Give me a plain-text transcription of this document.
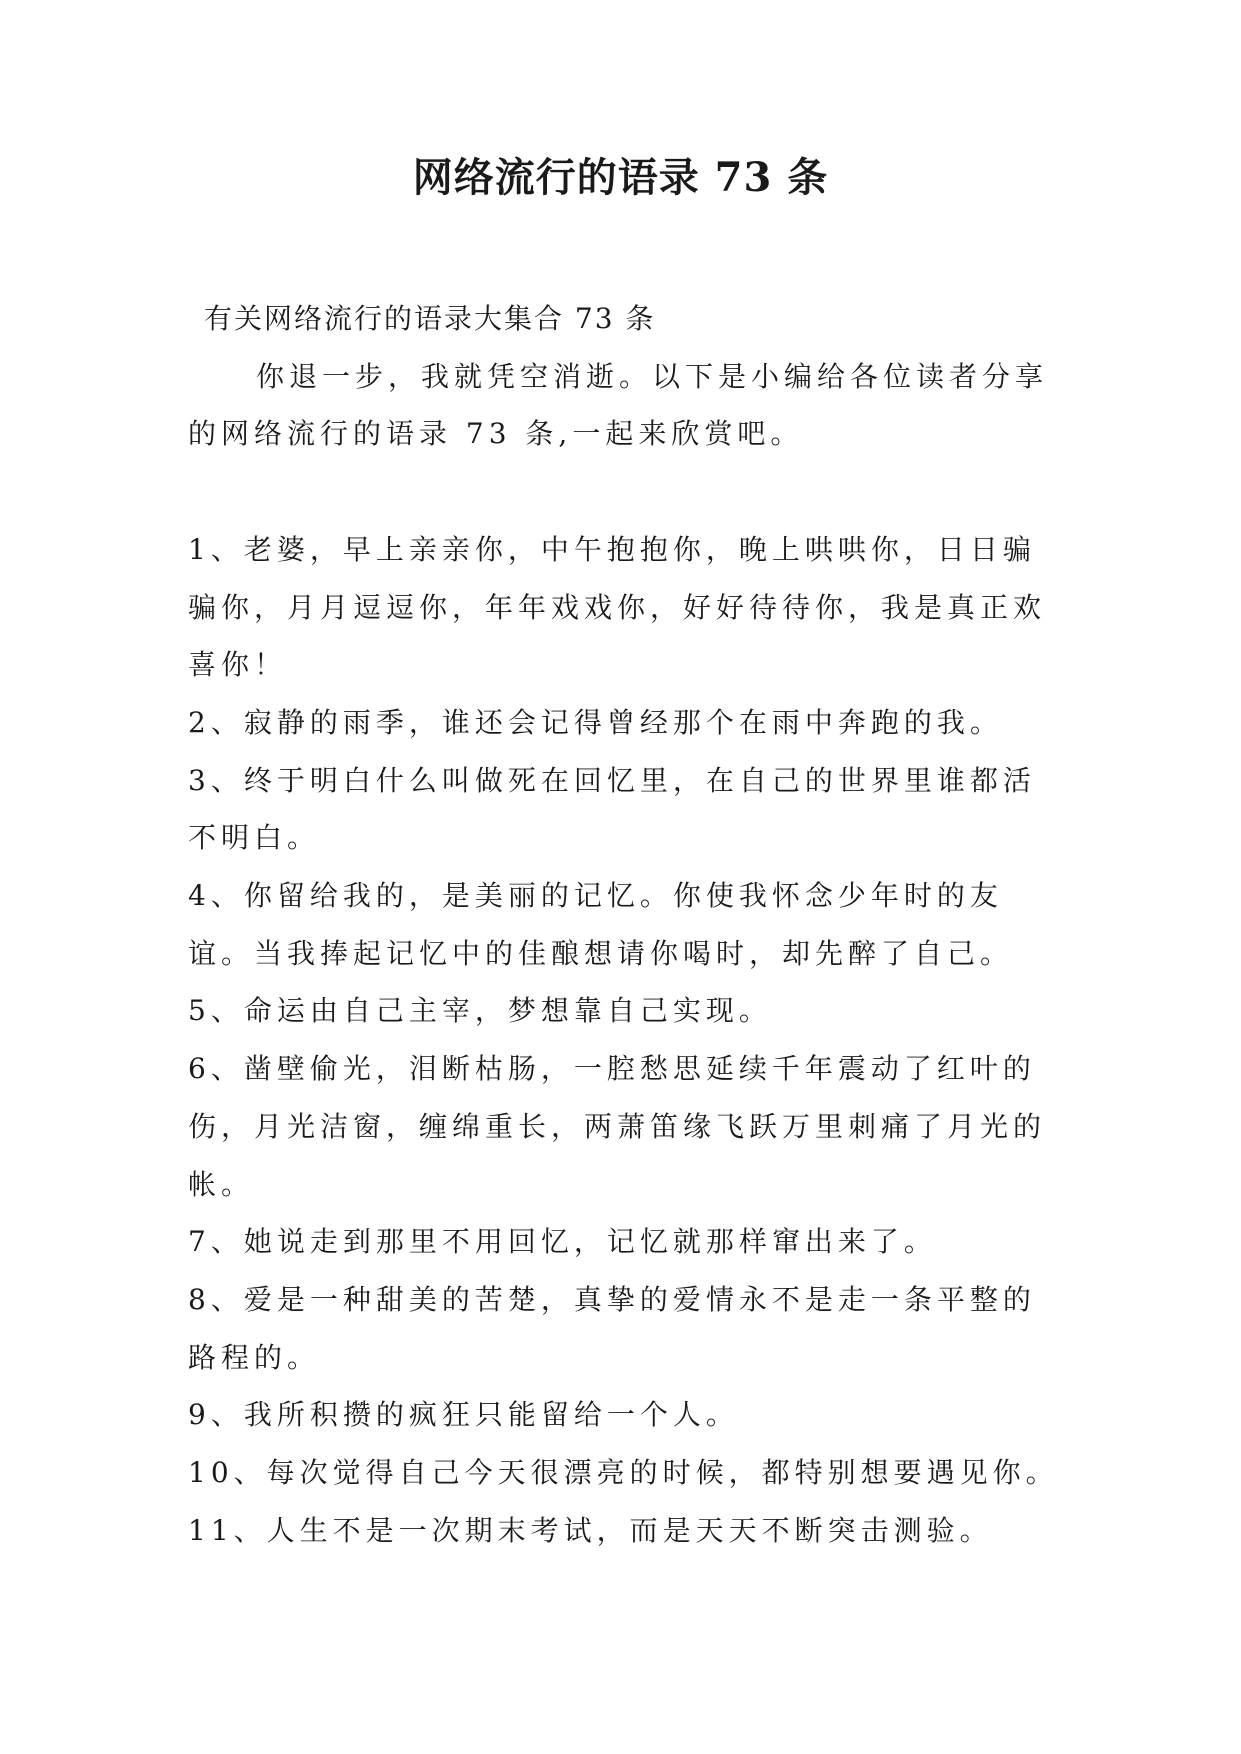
网络流行的语录 73 条

有关网络流行的语录大集合 73 条

你退一步，我就凭空消逝。以下是小编给各位读者分享的网络流行的语录 73 条,一起来欣赏吧。

1、老婆，早上亲亲你，中午抱抱你，晚上哄哄你，日日骗骗你，月月逗逗你，年年戏戏你，好好待待你，我是真正欢喜你！

2、寂静的雨季，谁还会记得曾经那个在雨中奔跑的我。

3、终于明白什么叫做死在回忆里，在自己的世界里谁都活不明白。

4、你留给我的，是美丽的记忆。你使我怀念少年时的友谊。当我捧起记忆中的佳酿想请你喝时，却先醉了自己。

5、命运由自己主宰，梦想靠自己实现。

6、凿壁偷光，泪断枯肠，一腔愁思延续千年震动了红叶的伤，月光洁窗，缠绵重长，两萧笛缘飞跃万里刺痛了月光的帐。

7、她说走到那里不用回忆，记忆就那样窜出来了。

8、爱是一种甜美的苦楚，真挚的爱情永不是走一条平整的路程的。

9、我所积攒的疯狂只能留给一个人。

10、每次觉得自己今天很漂亮的时候，都特别想要遇见你。

11、人生不是一次期末考试，而是天天不断突击测验。
